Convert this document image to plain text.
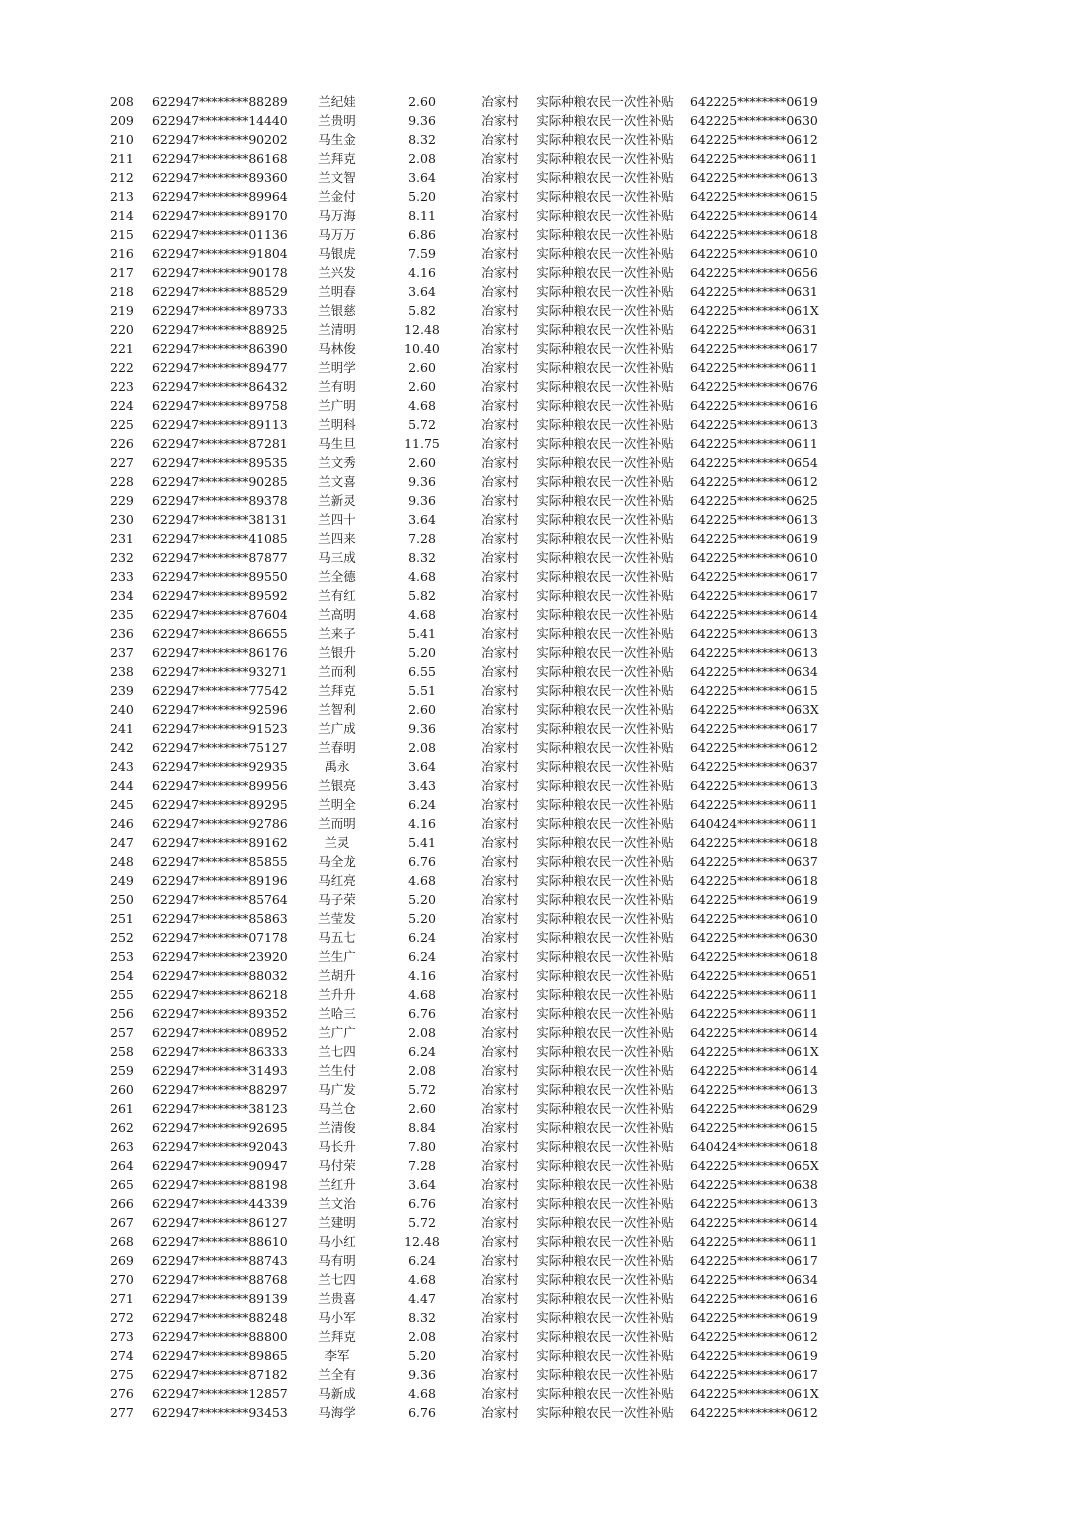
208	622947********88289	兰纪娃	2.60	冶家村	实际种粮农民一次性补贴	642225********0619
209	622947********14440	兰贵明	9.36	冶家村	实际种粮农民一次性补贴	642225********0630
210	622947********90202	马生金	8.32	冶家村	实际种粮农民一次性补贴	642225********0612
211	622947********86168	兰拜克	2.08	冶家村	实际种粮农民一次性补贴	642225********0611
212	622947********89360	兰文智	3.64	冶家村	实际种粮农民一次性补贴	642225********0613
213	622947********89964	兰金付	5.20	冶家村	实际种粮农民一次性补贴	642225********0615
214	622947********89170	马万海	8.11	冶家村	实际种粮农民一次性补贴	642225********0614
215	622947********01136	马万万	6.86	冶家村	实际种粮农民一次性补贴	642225********0618
216	622947********91804	马银虎	7.59	冶家村	实际种粮农民一次性补贴	642225********0610
217	622947********90178	兰兴发	4.16	冶家村	实际种粮农民一次性补贴	642225********0656
218	622947********88529	兰明春	3.64	冶家村	实际种粮农民一次性补贴	642225********0631
219	622947********89733	兰银慈	5.82	冶家村	实际种粮农民一次性补贴	642225********061X
220	622947********88925	兰清明	12.48	冶家村	实际种粮农民一次性补贴	642225********0631
221	622947********86390	马林俊	10.40	冶家村	实际种粮农民一次性补贴	642225********0617
222	622947********89477	兰明学	2.60	冶家村	实际种粮农民一次性补贴	642225********0611
223	622947********86432	兰有明	2.60	冶家村	实际种粮农民一次性补贴	642225********0676
224	622947********89758	兰广明	4.68	冶家村	实际种粮农民一次性补贴	642225********0616
225	622947********89113	兰明科	5.72	冶家村	实际种粮农民一次性补贴	642225********0613
226	622947********87281	马生旦	11.75	冶家村	实际种粮农民一次性补贴	642225********0611
227	622947********89535	兰文秀	2.60	冶家村	实际种粮农民一次性补贴	642225********0654
228	622947********90285	兰文喜	9.36	冶家村	实际种粮农民一次性补贴	642225********0612
229	622947********89378	兰新灵	9.36	冶家村	实际种粮农民一次性补贴	642225********0625
230	622947********38131	兰四十	3.64	冶家村	实际种粮农民一次性补贴	642225********0613
231	622947********41085	兰四来	7.28	冶家村	实际种粮农民一次性补贴	642225********0619
232	622947********87877	马三成	8.32	冶家村	实际种粮农民一次性补贴	642225********0610
233	622947********89550	兰全德	4.68	冶家村	实际种粮农民一次性补贴	642225********0617
234	622947********89592	兰有红	5.82	冶家村	实际种粮农民一次性补贴	642225********0617
235	622947********87604	兰高明	4.68	冶家村	实际种粮农民一次性补贴	642225********0614
236	622947********86655	兰来子	5.41	冶家村	实际种粮农民一次性补贴	642225********0613
237	622947********86176	兰银升	5.20	冶家村	实际种粮农民一次性补贴	642225********0613
238	622947********93271	兰而利	6.55	冶家村	实际种粮农民一次性补贴	642225********0634
239	622947********77542	兰拜克	5.51	冶家村	实际种粮农民一次性补贴	642225********0615
240	622947********92596	兰智利	2.60	冶家村	实际种粮农民一次性补贴	642225********063X
241	622947********91523	兰广成	9.36	冶家村	实际种粮农民一次性补贴	642225********0617
242	622947********75127	兰春明	2.08	冶家村	实际种粮农民一次性补贴	642225********0612
243	622947********92935	禹永	3.64	冶家村	实际种粮农民一次性补贴	642225********0637
244	622947********89956	兰银亮	3.43	冶家村	实际种粮农民一次性补贴	642225********0613
245	622947********89295	兰明全	6.24	冶家村	实际种粮农民一次性补贴	642225********0611
246	622947********92786	兰而明	4.16	冶家村	实际种粮农民一次性补贴	640424********0611
247	622947********89162	兰灵	5.41	冶家村	实际种粮农民一次性补贴	642225********0618
248	622947********85855	马全龙	6.76	冶家村	实际种粮农民一次性补贴	642225********0637
249	622947********89196	马红亮	4.68	冶家村	实际种粮农民一次性补贴	642225********0618
250	622947********85764	马子荣	5.20	冶家村	实际种粮农民一次性补贴	642225********0619
251	622947********85863	兰莹发	5.20	冶家村	实际种粮农民一次性补贴	642225********0610
252	622947********07178	马五七	6.24	冶家村	实际种粮农民一次性补贴	642225********0630
253	622947********23920	兰生广	6.24	冶家村	实际种粮农民一次性补贴	642225********0618
254	622947********88032	兰胡升	4.16	冶家村	实际种粮农民一次性补贴	642225********0651
255	622947********86218	兰升升	4.68	冶家村	实际种粮农民一次性补贴	642225********0611
256	622947********89352	兰哈三	6.76	冶家村	实际种粮农民一次性补贴	642225********0611
257	622947********08952	兰广广	2.08	冶家村	实际种粮农民一次性补贴	642225********0614
258	622947********86333	兰七四	6.24	冶家村	实际种粮农民一次性补贴	642225********061X
259	622947********31493	兰生付	2.08	冶家村	实际种粮农民一次性补贴	642225********0614
260	622947********88297	马广发	5.72	冶家村	实际种粮农民一次性补贴	642225********0613
261	622947********38123	马兰仓	2.60	冶家村	实际种粮农民一次性补贴	642225********0629
262	622947********92695	兰清俊	8.84	冶家村	实际种粮农民一次性补贴	642225********0615
263	622947********92043	马长升	7.80	冶家村	实际种粮农民一次性补贴	640424********0618
264	622947********90947	马付荣	7.28	冶家村	实际种粮农民一次性补贴	642225********065X
265	622947********88198	兰红升	3.64	冶家村	实际种粮农民一次性补贴	642225********0638
266	622947********44339	兰文治	6.76	冶家村	实际种粮农民一次性补贴	642225********0613
267	622947********86127	兰建明	5.72	冶家村	实际种粮农民一次性补贴	642225********0614
268	622947********88610	马小红	12.48	冶家村	实际种粮农民一次性补贴	642225********0611
269	622947********88743	马有明	6.24	冶家村	实际种粮农民一次性补贴	642225********0617
270	622947********88768	兰七四	4.68	冶家村	实际种粮农民一次性补贴	642225********0634
271	622947********89139	兰贵喜	4.47	冶家村	实际种粮农民一次性补贴	642225********0616
272	622947********88248	马小军	8.32	冶家村	实际种粮农民一次性补贴	642225********0619
273	622947********88800	兰拜克	2.08	冶家村	实际种粮农民一次性补贴	642225********0612
274	622947********89865	李军	5.20	冶家村	实际种粮农民一次性补贴	642225********0619
275	622947********87182	兰全有	9.36	冶家村	实际种粮农民一次性补贴	642225********0617
276	622947********12857	马新成	4.68	冶家村	实际种粮农民一次性补贴	642225********061X
277	622947********93453	马海学	6.76	冶家村	实际种粮农民一次性补贴	642225********0612
